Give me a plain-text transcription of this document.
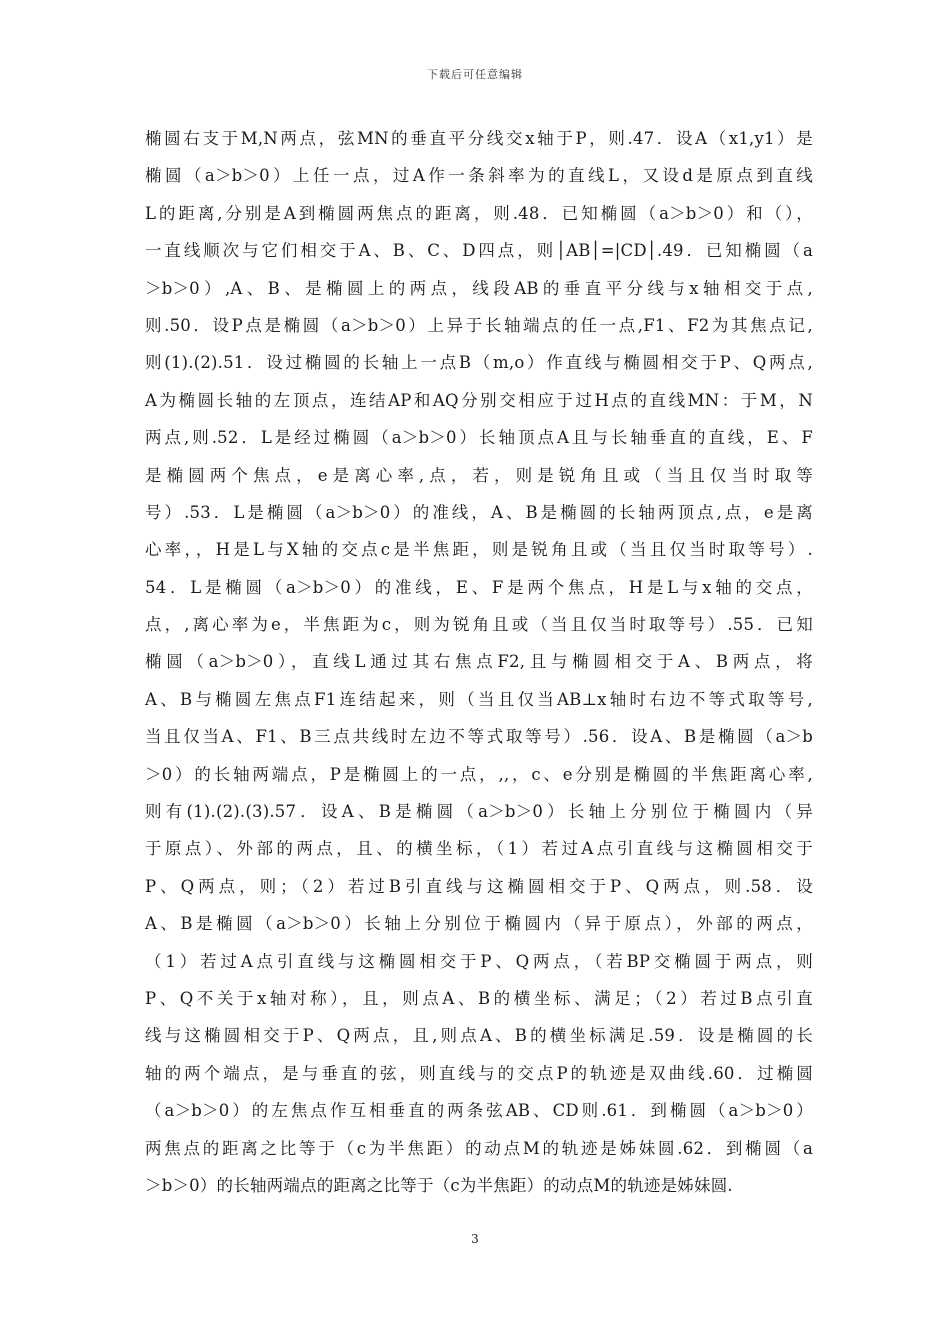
下载后可任意编辑
椭圆右支于M,N两点，弦MN的垂直平分线交x轴于P，则.47．设A（x1,y1）是
椭圆（a＞b＞0）上任一点，过A作一条斜率为的直线L，又设d是原点到直线
L的距离,分别是A到椭圆两焦点的距离，则.48．已知椭圆（a＞b＞0）和（），
一直线顺次与它们相交于A、B、C、D四点，则│AB│=|CD│.49．已知椭圆（a
＞b＞0）,A、B、是椭圆上的两点，线段AB的垂直平分线与x轴相交于点,
则.50．设P点是椭圆（a＞b＞0）上异于长轴端点的任一点,F1、F2为其焦点记,
则(1).(2).51．设过椭圆的长轴上一点B（m,o）作直线与椭圆相交于P、Q两点,
A为椭圆长轴的左顶点，连结AP和AQ分别交相应于过H点的直线MN：于M，N
两点,则.52．L是经过椭圆（a＞b＞0）长轴顶点A且与长轴垂直的直线，E、F
是椭圆两个焦点，e是离心率,点，若，则是锐角且或（当且仅当时取等
号）.53．L是椭圆（a＞b＞0）的准线，A、B是椭圆的长轴两顶点,点，e是离
心率，，H是L与X轴的交点c是半焦距，则是锐角且或（当且仅当时取等号）.
54．L是椭圆（a＞b＞0）的准线，E、F是两个焦点，H是L与x轴的交点，
点，,离心率为e，半焦距为c，则为锐角且或（当且仅当时取等号）.55．已知
椭圆（a＞b＞0），直线L通过其右焦点F2,且与椭圆相交于A、B两点，将
A、B与椭圆左焦点F1连结起来，则（当且仅当AB⊥x轴时右边不等式取等号,
当且仅当A、F1、B三点共线时左边不等式取等号）.56．设A、B是椭圆（a＞b
＞0）的长轴两端点，P是椭圆上的一点，,,，c、e分别是椭圆的半焦距离心率,
则有(1).(2).(3).57．设A、B是椭圆（a＞b＞0）长轴上分别位于椭圆内（异
于原点）、外部的两点，且、的横坐标，（1）若过A点引直线与这椭圆相交于
P、Q两点，则；（2）若过B引直线与这椭圆相交于P、Q两点，则.58．设
A、B是椭圆（a＞b＞0）长轴上分别位于椭圆内（异于原点），外部的两点，
（1）若过A点引直线与这椭圆相交于P、Q两点，（若BP交椭圆于两点，则
P、Q不关于x轴对称），且，则点A、B的横坐标、满足；（2）若过B点引直
线与这椭圆相交于P、Q两点，且,则点A、B的横坐标满足.59．设是椭圆的长
轴的两个端点，是与垂直的弦，则直线与的交点P的轨迹是双曲线.60．过椭圆
（a＞b＞0）的左焦点作互相垂直的两条弦AB、CD则.61．到椭圆（a＞b＞0）
两焦点的距离之比等于（c为半焦距）的动点M的轨迹是姊妹圆.62．到椭圆（a
＞b＞0）的长轴两端点的距离之比等于（c为半焦距）的动点M的轨迹是姊妹圆.
3
